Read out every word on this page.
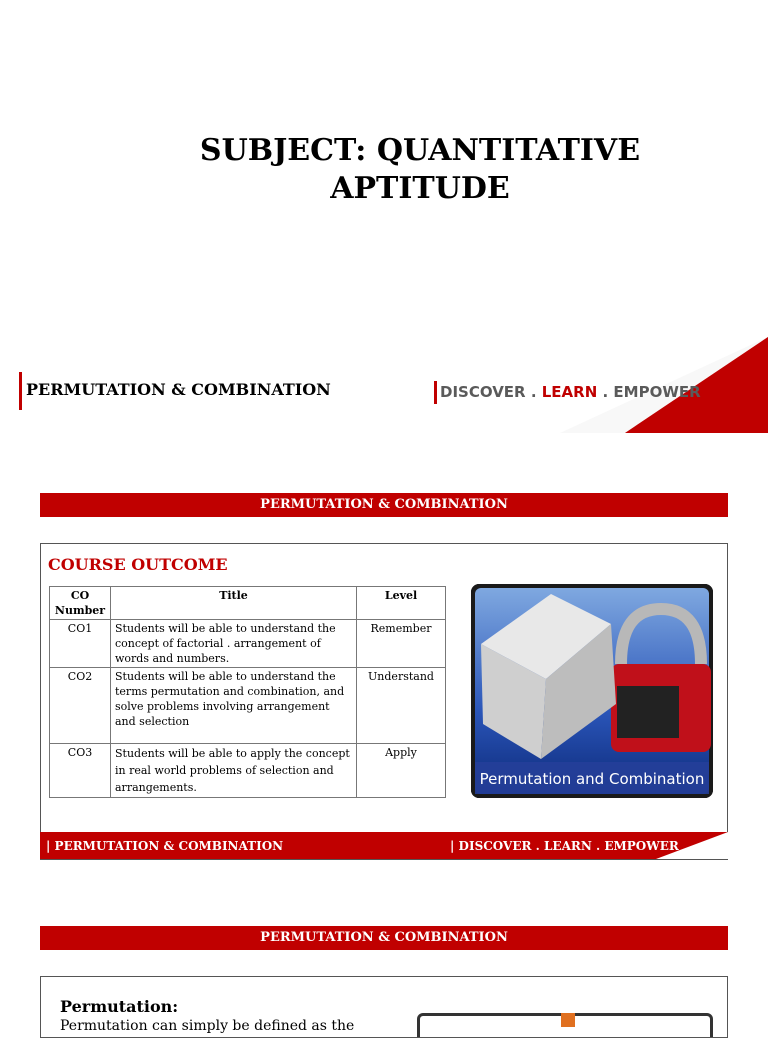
SUBJECT: QUANTITATIVE
APTITUDE
PERMUTATION & COMBINATION	DISCOVER . LEARN . EMPOWER
PERMUTATION & COMBINATION
COURSE OUTCOME
CO Number	Title	Level
CO1	Students will be able to understand the concept of factorial . arrangement of words and numbers.	Remember
CO2	Students will be able to understand the terms permutation and combination, and solve problems involving arrangement and selection	Understand
CO3	Students will be able to apply the concept in real world problems of selection and arrangements.	Apply
Permutation and Combination
| PERMUTATION & COMBINATION	| DISCOVER . LEARN . EMPOWER
PERMUTATION & COMBINATION
Permutation:
Permutation can simply be defined as the
